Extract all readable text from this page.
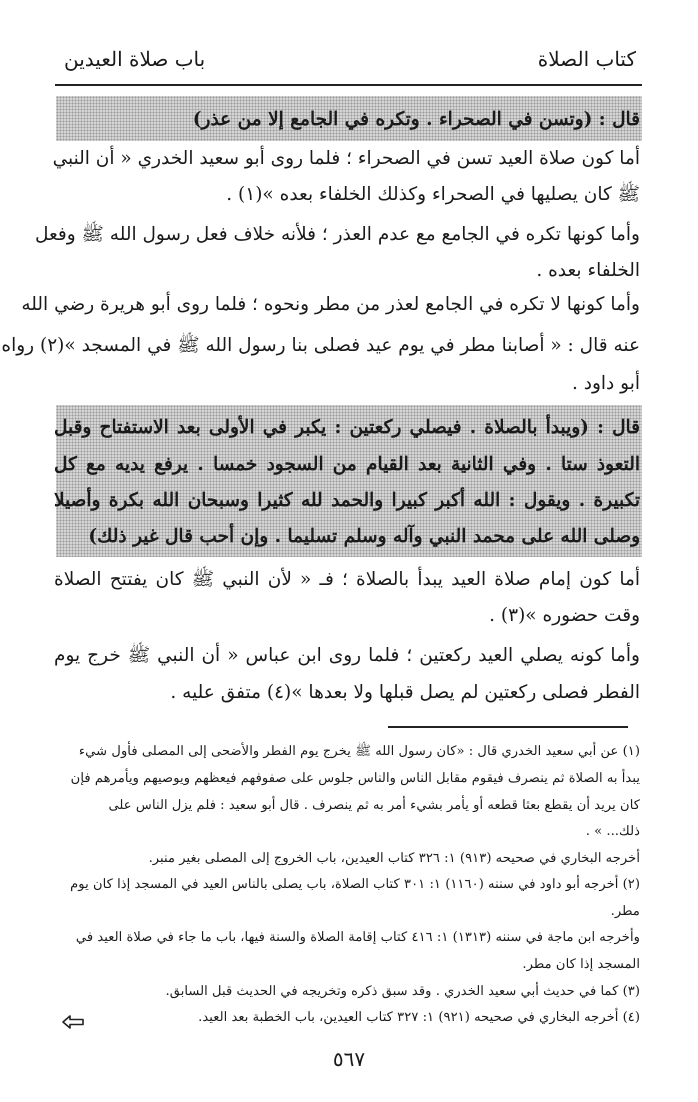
كتاب الصلاة
باب صلاة العيدين
قال : (وتسن في الصحراء . وتكره في الجامع إلا من عذر)
أما كون صلاة العيد تسن في الصحراء ؛ فلما روى أبو سعيد الخدري « أن النبي
ﷺ كان يصليها في الصحراء وكذلك الخلفاء بعده »(١) .
وأما كونها تكره في الجامع مع عدم العذر ؛ فلأنه خلاف فعل رسول الله ﷺ وفعل
الخلفاء بعده .
وأما كونها لا تكره في الجامع لعذر من مطر ونحوه ؛ فلما روى أبو هريرة رضي الله
عنه قال : « أصابنا مطر في يوم عيد فصلى بنا رسول الله ﷺ في المسجد »(٢) رواه
أبو داود .
قال : (ويبدأ بالصلاة . فيصلي ركعتين : يكبر في الأولى بعد الاستفتاح وقبل
التعوذ ستا . وفي الثانية بعد القيام من السجود خمسا . يرفع يديه مع كل
تكبيرة . ويقول : الله أكبر كبيرا والحمد لله كثيرا وسبحان الله بكرة وأصيلا
وصلى الله على محمد النبي وآله وسلم تسليما . وإن أحب قال غير ذلك)
أما كون إمام صلاة العيد يبدأ بالصلاة ؛ فـ « لأن النبي ﷺ كان يفتتح الصلاة
وقت حضوره »(٣) .
وأما كونه يصلي العيد ركعتين ؛ فلما روى ابن عباس « أن النبي ﷺ خرج يوم
الفطر فصلى ركعتين لم يصل قبلها ولا بعدها »(٤) متفق عليه .
(١) عن أبي سعيد الخدري قال : «كان رسول الله ﷺ يخرج يوم الفطر والأضحى إلى المصلى فأول شيء
يبدأ به الصلاة ثم ينصرف فيقوم مقابل الناس والناس جلوس على صفوفهم فيعظهم ويوصيهم ويأمرهم فإن
كان يريد أن يقطع بعثا قطعه أو يأمر بشيء أمر به ثم ينصرف . قال أبو سعيد : فلم يزل الناس على
ذلك... » .
أخرجه البخاري في صحيحه (٩١٣) ١: ٣٢٦ كتاب العيدين، باب الخروج إلى المصلى بغير منبر.
(٢) أخرجه أبو داود في سننه (١١٦٠) ١: ٣٠١ كتاب الصلاة، باب يصلى بالناس العيد في المسجد إذا كان يوم
مطر.
وأخرجه ابن ماجة في سننه (١٣١٣) ١: ٤١٦ كتاب إقامة الصلاة والسنة فيها، باب ما جاء في صلاة العيد في
المسجد إذا كان مطر.
(٣) كما في حديث أبي سعيد الخدري . وقد سبق ذكره وتخريجه في الحديث قبل السابق.
(٤) أخرجه البخاري في صحيحه (٩٢١) ١: ٣٢٧ كتاب العيدين، باب الخطبة بعد العيد.
٥٦٧
